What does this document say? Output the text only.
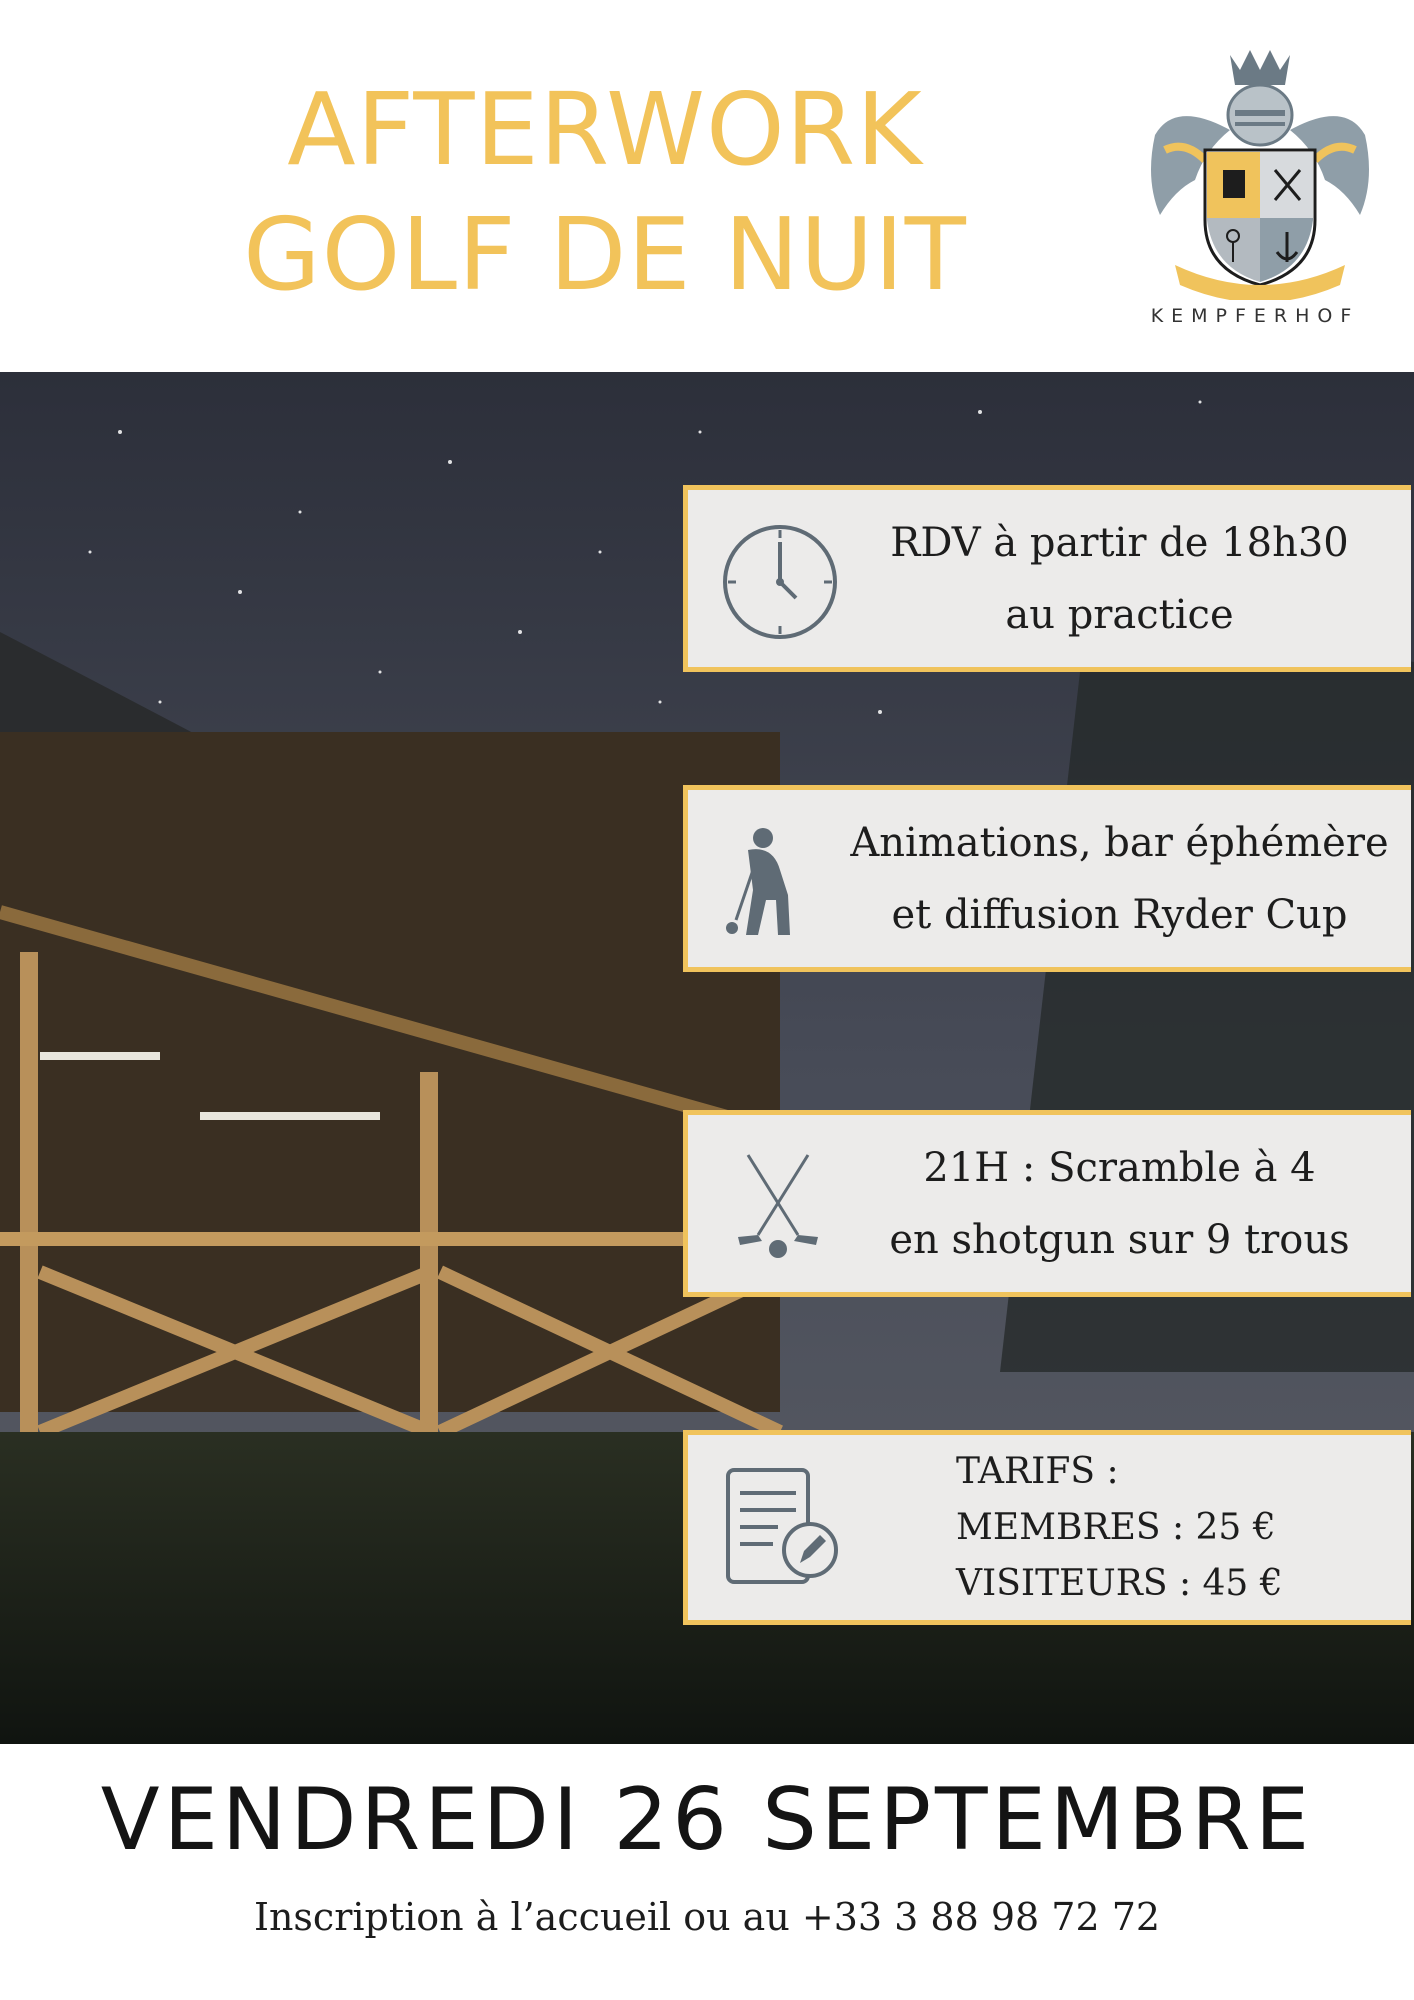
AFTERWORK
GOLF DE NUIT
KEMPFERHOF
RDV à partir de 18h30
au practice
Animations, bar éphémère
et diffusion Ryder Cup
21H : Scramble à 4
en shotgun sur 9 trous
TARIFS :
MEMBRES : 25 €
VISITEURS : 45 €
VENDREDI 26 SEPTEMBRE
Inscription à l’accueil ou au +33 3 88 98 72 72
